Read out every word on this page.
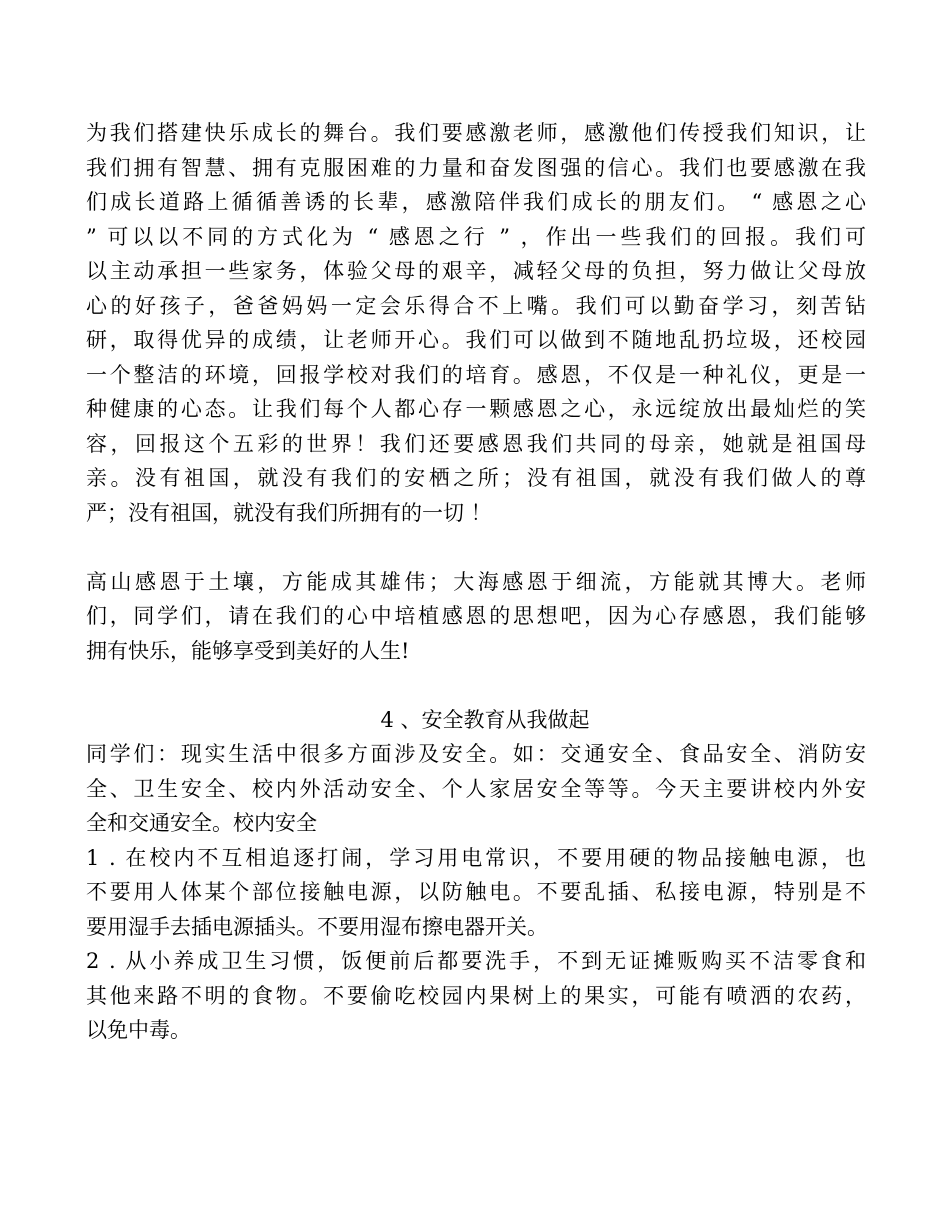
为我们搭建快乐成长的舞台。我们要感激老师，感激他们传授我们知识，让
我们拥有智慧、拥有克服困难的力量和奋发图强的信心。我们也要感激在我
们成长道路上循循善诱的长辈，感激陪伴我们成长的朋友们。 “ 感恩之心
” 可以以不同的方式化为 “ 感恩之行 ” ，作出一些我们的回报。我们可
以主动承担一些家务，体验父母的艰辛，减轻父母的负担，努力做让父母放
心的好孩子，爸爸妈妈一定会乐得合不上嘴。我们可以勤奋学习，刻苦钻
研，取得优异的成绩，让老师开心。我们可以做到不随地乱扔垃圾，还校园
一个整洁的环境，回报学校对我们的培育。感恩，不仅是一种礼仪，更是一
种健康的心态。让我们每个人都心存一颗感恩之心，永远绽放出最灿烂的笑
容，回报这个五彩的世界！我们还要感恩我们共同的母亲，她就是祖国母
亲。没有祖国，就没有我们的安栖之所；没有祖国，就没有我们做人的尊
严；没有祖国，就没有我们所拥有的一切 ！
高山感恩于土壤，方能成其雄伟；大海感恩于细流，方能就其博大。老师
们，同学们，请在我们的心中培植感恩的思想吧，因为心存感恩，我们能够
拥有快乐，能够享受到美好的人生!
4 、安全教育从我做起
同学们：现实生活中很多方面涉及安全。如：交通安全、食品安全、消防安
全、卫生安全、校内外活动安全、个人家居安全等等。今天主要讲校内外安
全和交通安全。校内安全
1 . 在校内不互相追逐打闹，学习用电常识，不要用硬的物品接触电源，也
不要用人体某个部位接触电源，以防触电。不要乱插、私接电源，特别是不
要用湿手去插电源插头。不要用湿布擦电器开关。
2 . 从小养成卫生习惯，饭便前后都要洗手，不到无证摊贩购买不洁零食和
其他来路不明的食物。不要偷吃校园内果树上的果实，可能有喷洒的农药，
以免中毒。
